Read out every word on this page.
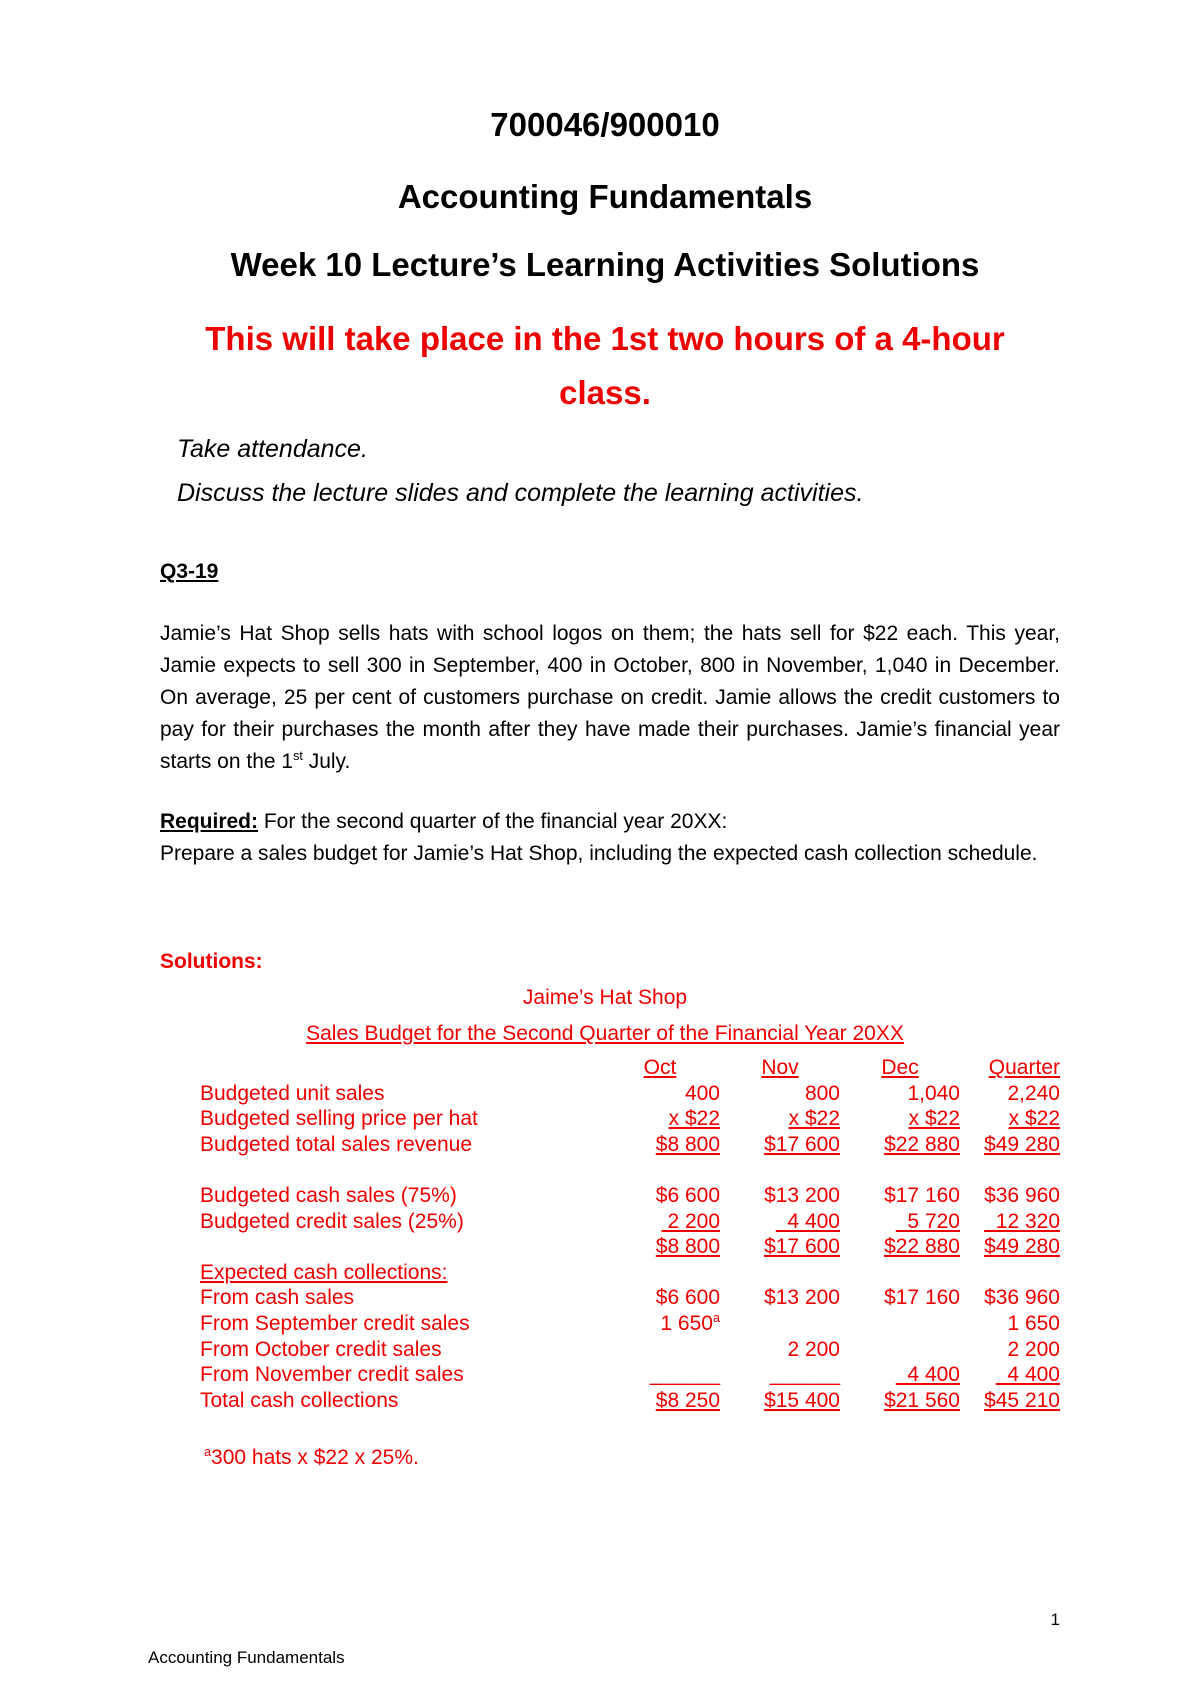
700046/900010
Accounting Fundamentals
Week 10 Lecture’s Learning Activities Solutions
This will take place in the 1st two hours of a 4-hour
class.
Take attendance.
Discuss the lecture slides and complete the learning activities.
Q3-19
Jamie’s Hat Shop sells hats with school logos on them; the hats sell for $22 each. This year, Jamie expects to sell 300 in September, 400 in October, 800 in November, 1,040 in December. On average, 25 per cent of customers purchase on credit. Jamie allows the credit customers to pay for their purchases the month after they have made their purchases. Jamie’s financial year starts on the 1st July.
Required: For the second quarter of the financial year 20XX:
Prepare a sales budget for Jamie’s Hat Shop, including the expected cash collection schedule.
Solutions:
Jaime’s Hat Shop
Sales Budget for the Second Quarter of the Financial Year 20XX
	Oct	Nov	Dec	Quarter
Budgeted unit sales	400	800	1,040	2,240
Budgeted selling price per hat	x $22	x $22	x $22	x $22
Budgeted total sales revenue	$8 800	$17 600	$22 880	$49 280

Budgeted cash sales (75%)	$6 600	$13 200	$17 160	$36 960
Budgeted credit sales (25%)	2 200	4 400	5 720	12 320
	$8 800	$17 600	$22 880	$49 280
Expected cash collections:				
From cash sales	$6 600	$13 200	$17 160	$36 960
From September credit sales	1 650$^a$			1 650
From October credit sales		2 200		2 200
From November credit sales	______	______	4 400	4 400
Total cash collections	$8 250	$15 400	$21 560	$45 210
$^a$300 hats x $22 x 25%.
1
Accounting Fundamentals
